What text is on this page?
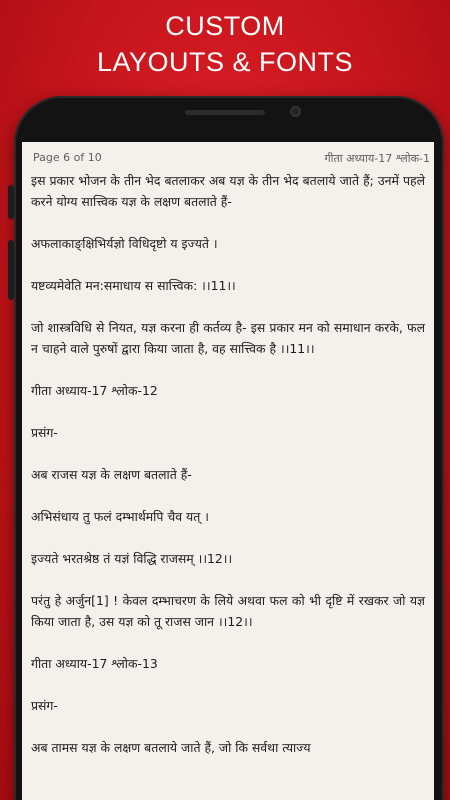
CUSTOM
LAYOUTS & FONTS
Page 6 of 10	गीता अध्याय-17 श्लोक-1

इस प्रकार भोजन के तीन भेद बतलाकर अब यज्ञ के तीन भेद बतलाये जाते हैं; उनमें पहले करने योग्य सात्त्विक यज्ञ के लक्षण बतलाते हैं-

अफलाकाङ्क्षिभिर्यज्ञो विधिदृष्टो य इज्यते ।

यष्टव्यमेवेति मन:समाधाय स सात्त्विक: ।।11।।

जो शास्त्रविधि से नियत, यज्ञ करना ही कर्तव्य है- इस प्रकार मन को समाधान करके, फल न चाहने वाले पुरुषों द्वारा किया जाता है, वह सात्त्विक है ।।11।।

गीता अध्याय-17 श्लोक-12

प्रसंग-

अब राजस यज्ञ के लक्षण बतलाते हैं-

अभिसंधाय तु फलं दम्भार्थमपि चैव यत् ।

इज्यते भरतश्रेष्ठ तं यज्ञं विद्धि राजसम् ।।12।।

परंतु हे अर्जुन[1] ! केवल दम्भाचरण के लिये अथवा फल को भी दृष्टि में रखकर जो यज्ञ किया जाता है, उस यज्ञ को तू राजस जान ।।12।।

गीता अध्याय-17 श्लोक-13

प्रसंग-

अब तामस यज्ञ के लक्षण बतलाये जाते हैं, जो कि सर्वथा त्याज्य
